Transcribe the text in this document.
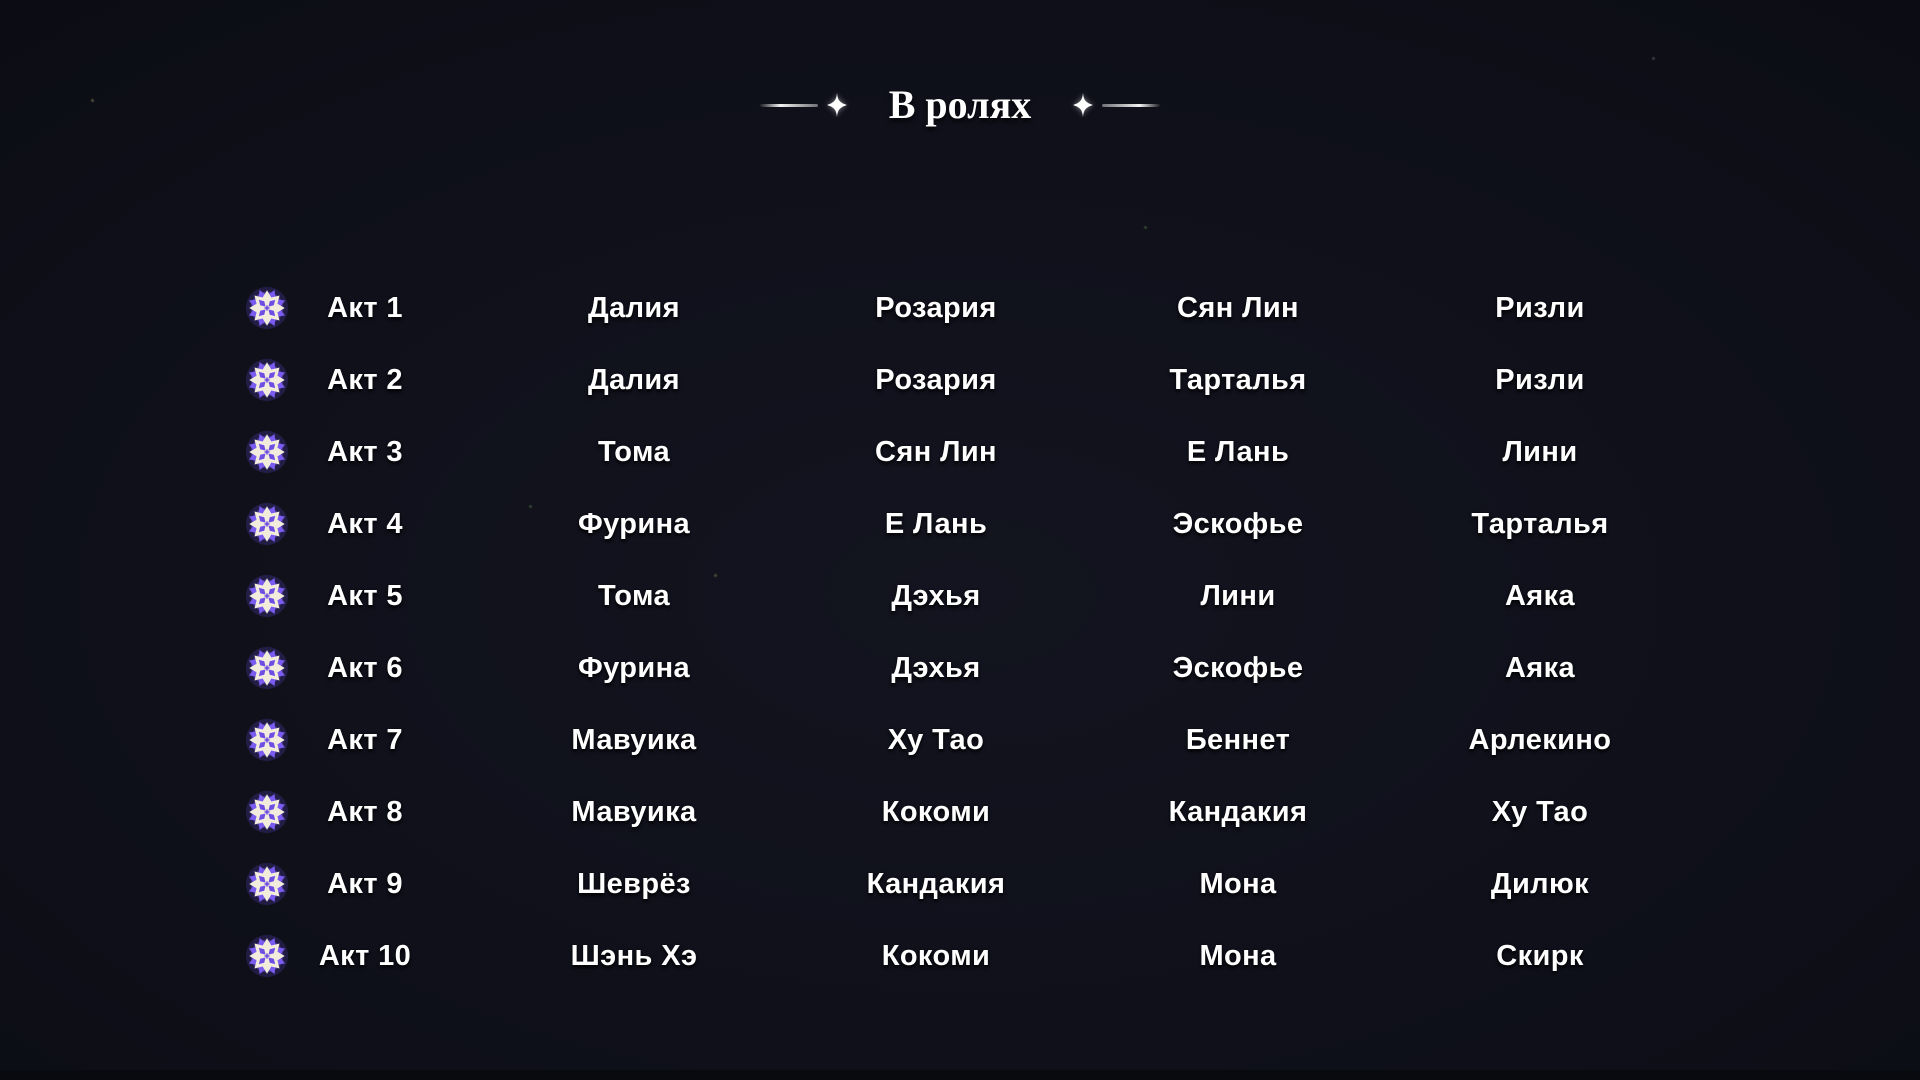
В ролях
Акт 1	Далия	Розария	Сян Лин	Ризли
Акт 2	Далия	Розария	Тарталья	Ризли
Акт 3	Тома	Сян Лин	Е Лань	Лини
Акт 4	Фурина	Е Лань	Эскофье	Тарталья
Акт 5	Тома	Дэхья	Лини	Аяка
Акт 6	Фурина	Дэхья	Эскофье	Аяка
Акт 7	Мавуика	Ху Тао	Беннет	Арлекино
Акт 8	Мавуика	Кокоми	Кандакия	Ху Тао
Акт 9	Шеврёз	Кандакия	Мона	Дилюк
Акт 10	Шэнь Хэ	Кокоми	Мона	Скирк
